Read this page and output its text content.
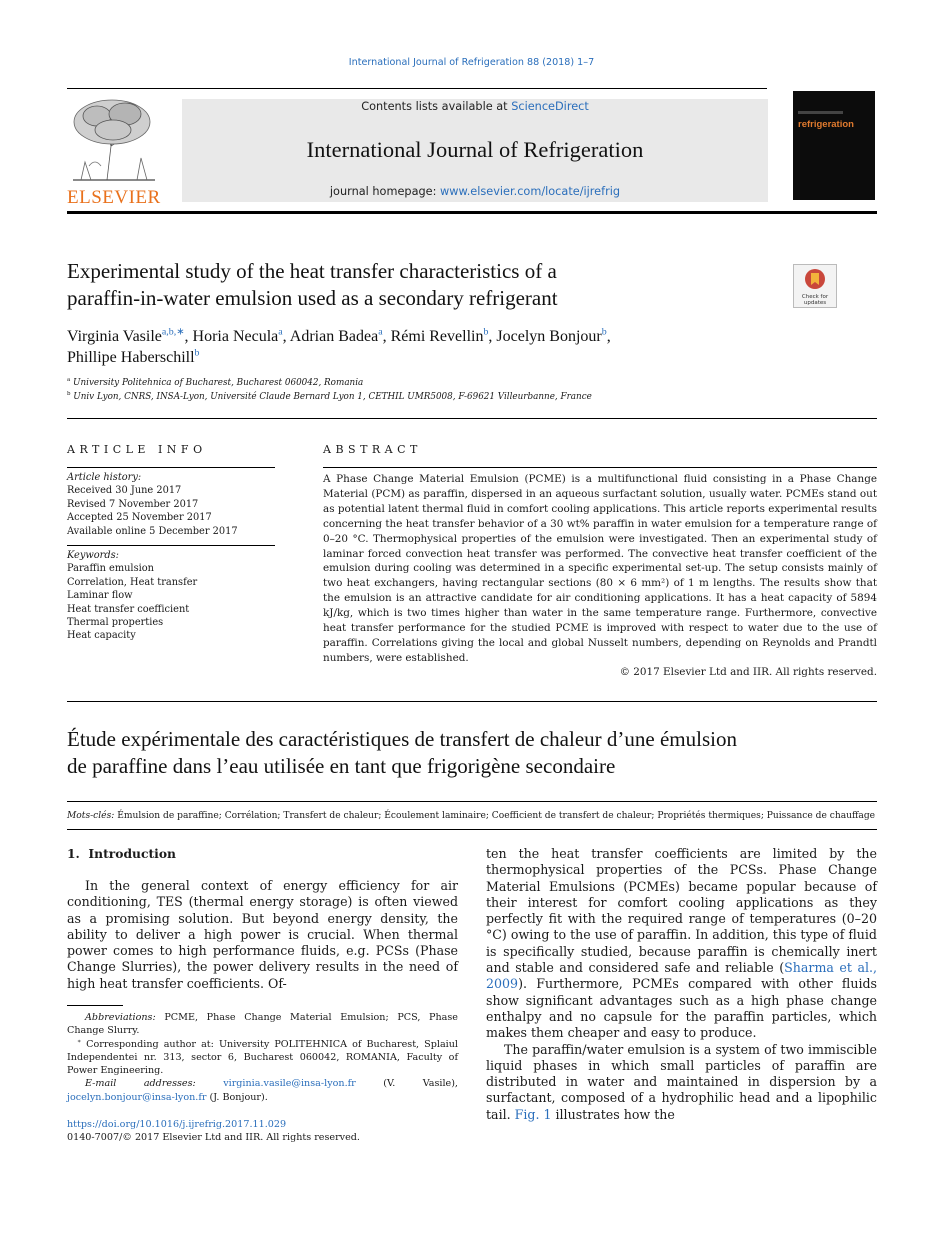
International Journal of Refrigeration 88 (2018) 1–7
ELSEVIER
Contents lists available at ScienceDirect
International Journal of Refrigeration
journal homepage: www.elsevier.com/locate/ijrefrig
refrigeration
Experimental study of the heat transfer characteristics of a
paraffin-in-water emulsion used as a secondary refrigerant	Check for
updates
Virginia Vasile$^{a,b,∗}$, Horia Necula$^a$, Adrian Badea$^a$, Rémi Revellin$^b$, Jocelyn Bonjour$^b$,
Phillipe Haberschill$^b$
$^a$ University Politehnica of Bucharest, Bucharest 060042, Romania
$^b$ Univ Lyon, CNRS, INSA-Lyon, Université Claude Bernard Lyon 1, CETHIL UMR5008, F-69621 Villeurbanne, France
ARTICLE INFO
Article history:
Received 30 June 2017
Revised 7 November 2017
Accepted 25 November 2017
Available online 5 December 2017
Keywords:
Paraffin emulsion
Correlation, Heat transfer
Laminar flow
Heat transfer coefficient
Thermal properties
Heat capacity
ABSTRACT
A Phase Change Material Emulsion (PCME) is a multifunctional fluid consisting in a Phase Change Material (PCM) as paraffin, dispersed in an aqueous surfactant solution, usually water. PCMEs stand out as potential latent thermal fluid in comfort cooling applications. This article reports experimental results concerning the heat transfer behavior of a 30 wt% paraffin in water emulsion for a temperature range of 0–20 °C. Thermophysical properties of the emulsion were investigated. Then an experimental study of laminar forced convection heat transfer was performed. The convective heat transfer coefficient of the emulsion during cooling was determined in a specific experimental set-up. The setup consists mainly of two heat exchangers, having rectangular sections (80 × 6 mm²) of 1 m lengths. The results show that the emulsion is an attractive candidate for air conditioning applications. It has a heat capacity of 5894 kJ/kg, which is two times higher than water in the same temperature range. Furthermore, convective heat transfer performance for the studied PCME is improved with respect to water due to the use of paraffin. Correlations giving the local and global Nusselt numbers, depending on Reynolds and Prandtl numbers, were established.
© 2017 Elsevier Ltd and IIR. All rights reserved.
Étude expérimentale des caractéristiques de transfert de chaleur d’une émulsion
de paraffine dans l’eau utilisée en tant que frigorigène secondaire
Mots-clés: Émulsion de paraffine; Corrélation; Transfert de chaleur; Écoulement laminaire; Coefficient de transfert de chaleur; Propriétés thermiques; Puissance de chauffage
1.  Introduction

In the general context of energy efficiency for air conditioning, TES (thermal energy storage) is often viewed as a promising solution. But beyond energy density, the ability to deliver a high power is crucial. When thermal power comes to high performance fluids, e.g. PCSs (Phase Change Slurries), the power delivery results in the need of high heat transfer coefficients. Of-

Abbreviations: PCME, Phase Change Material Emulsion; PCS, Phase Change Slurry.
∗ Corresponding author at: University POLITEHNICA of Bucharest, Splaiul Independentei nr. 313, sector 6, Bucharest 060042, ROMANIA, Faculty of Power Engineering.
E-mail addresses:	virginia.vasile@insa-lyon.fr (V. Vasile), jocelyn.bonjour@insa-lyon.fr (J. Bonjour).
https://doi.org/10.1016/j.ijrefrig.2017.11.029
0140-7007/© 2017 Elsevier Ltd and IIR. All rights reserved.

ten the heat transfer coefficients are limited by the thermophysical properties of the PCSs. Phase Change Material Emulsions (PCMEs) became popular because of their interest for comfort cooling applications as they perfectly fit with the required range of temperatures (0–20 °C) owing to the use of paraffin. In addition, this type of fluid is specifically studied, because paraffin is chemically inert and stable and considered safe and reliable (Sharma et al., 2009). Furthermore, PCMEs compared with other fluids show significant advantages such as a high phase change enthalpy and no capsule for the paraffin particles, which makes them cheaper and easy to produce.

The paraffin/water emulsion is a system of two immiscible liquid phases in which small particles of paraffin are distributed in water and maintained in dispersion by a surfactant, composed of a hydrophilic head and a lipophilic tail. Fig. 1 illustrates how the
